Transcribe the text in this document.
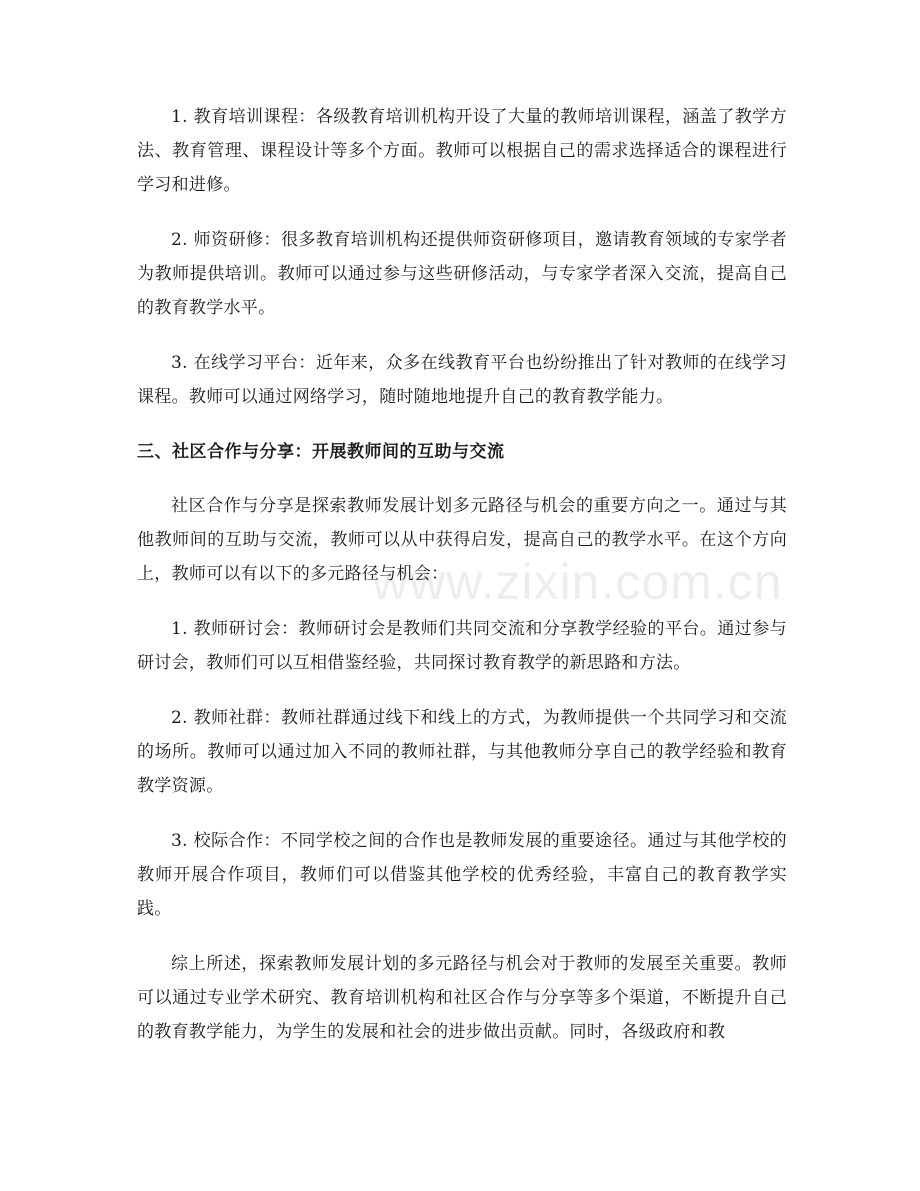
1. 教育培训课程：各级教育培训机构开设了大量的教师培训课程，涵盖了教学方法、教育管理、课程设计等多个方面。教师可以根据自己的需求选择适合的课程进行学习和进修。

2. 师资研修：很多教育培训机构还提供师资研修项目，邀请教育领域的专家学者为教师提供培训。教师可以通过参与这些研修活动，与专家学者深入交流，提高自己的教育教学水平。

3. 在线学习平台：近年来，众多在线教育平台也纷纷推出了针对教师的在线学习课程。教师可以通过网络学习，随时随地地提升自己的教育教学能力。

三、社区合作与分享：开展教师间的互助与交流

社区合作与分享是探索教师发展计划多元路径与机会的重要方向之一。通过与其他教师间的互助与交流，教师可以从中获得启发，提高自己的教学水平。在这个方向上，教师可以有以下的多元路径与机会：

1. 教师研讨会：教师研讨会是教师们共同交流和分享教学经验的平台。通过参与研讨会，教师们可以互相借鉴经验，共同探讨教育教学的新思路和方法。

2. 教师社群：教师社群通过线下和线上的方式，为教师提供一个共同学习和交流的场所。教师可以通过加入不同的教师社群，与其他教师分享自己的教学经验和教育教学资源。

3. 校际合作：不同学校之间的合作也是教师发展的重要途径。通过与其他学校的教师开展合作项目，教师们可以借鉴其他学校的优秀经验，丰富自己的教育教学实践。

综上所述，探索教师发展计划的多元路径与机会对于教师的发展至关重要。教师可以通过专业学术研究、教育培训机构和社区合作与分享等多个渠道，不断提升自己的教育教学能力，为学生的发展和社会的进步做出贡献。同时，各级政府和教

www.zixin.com.cn
